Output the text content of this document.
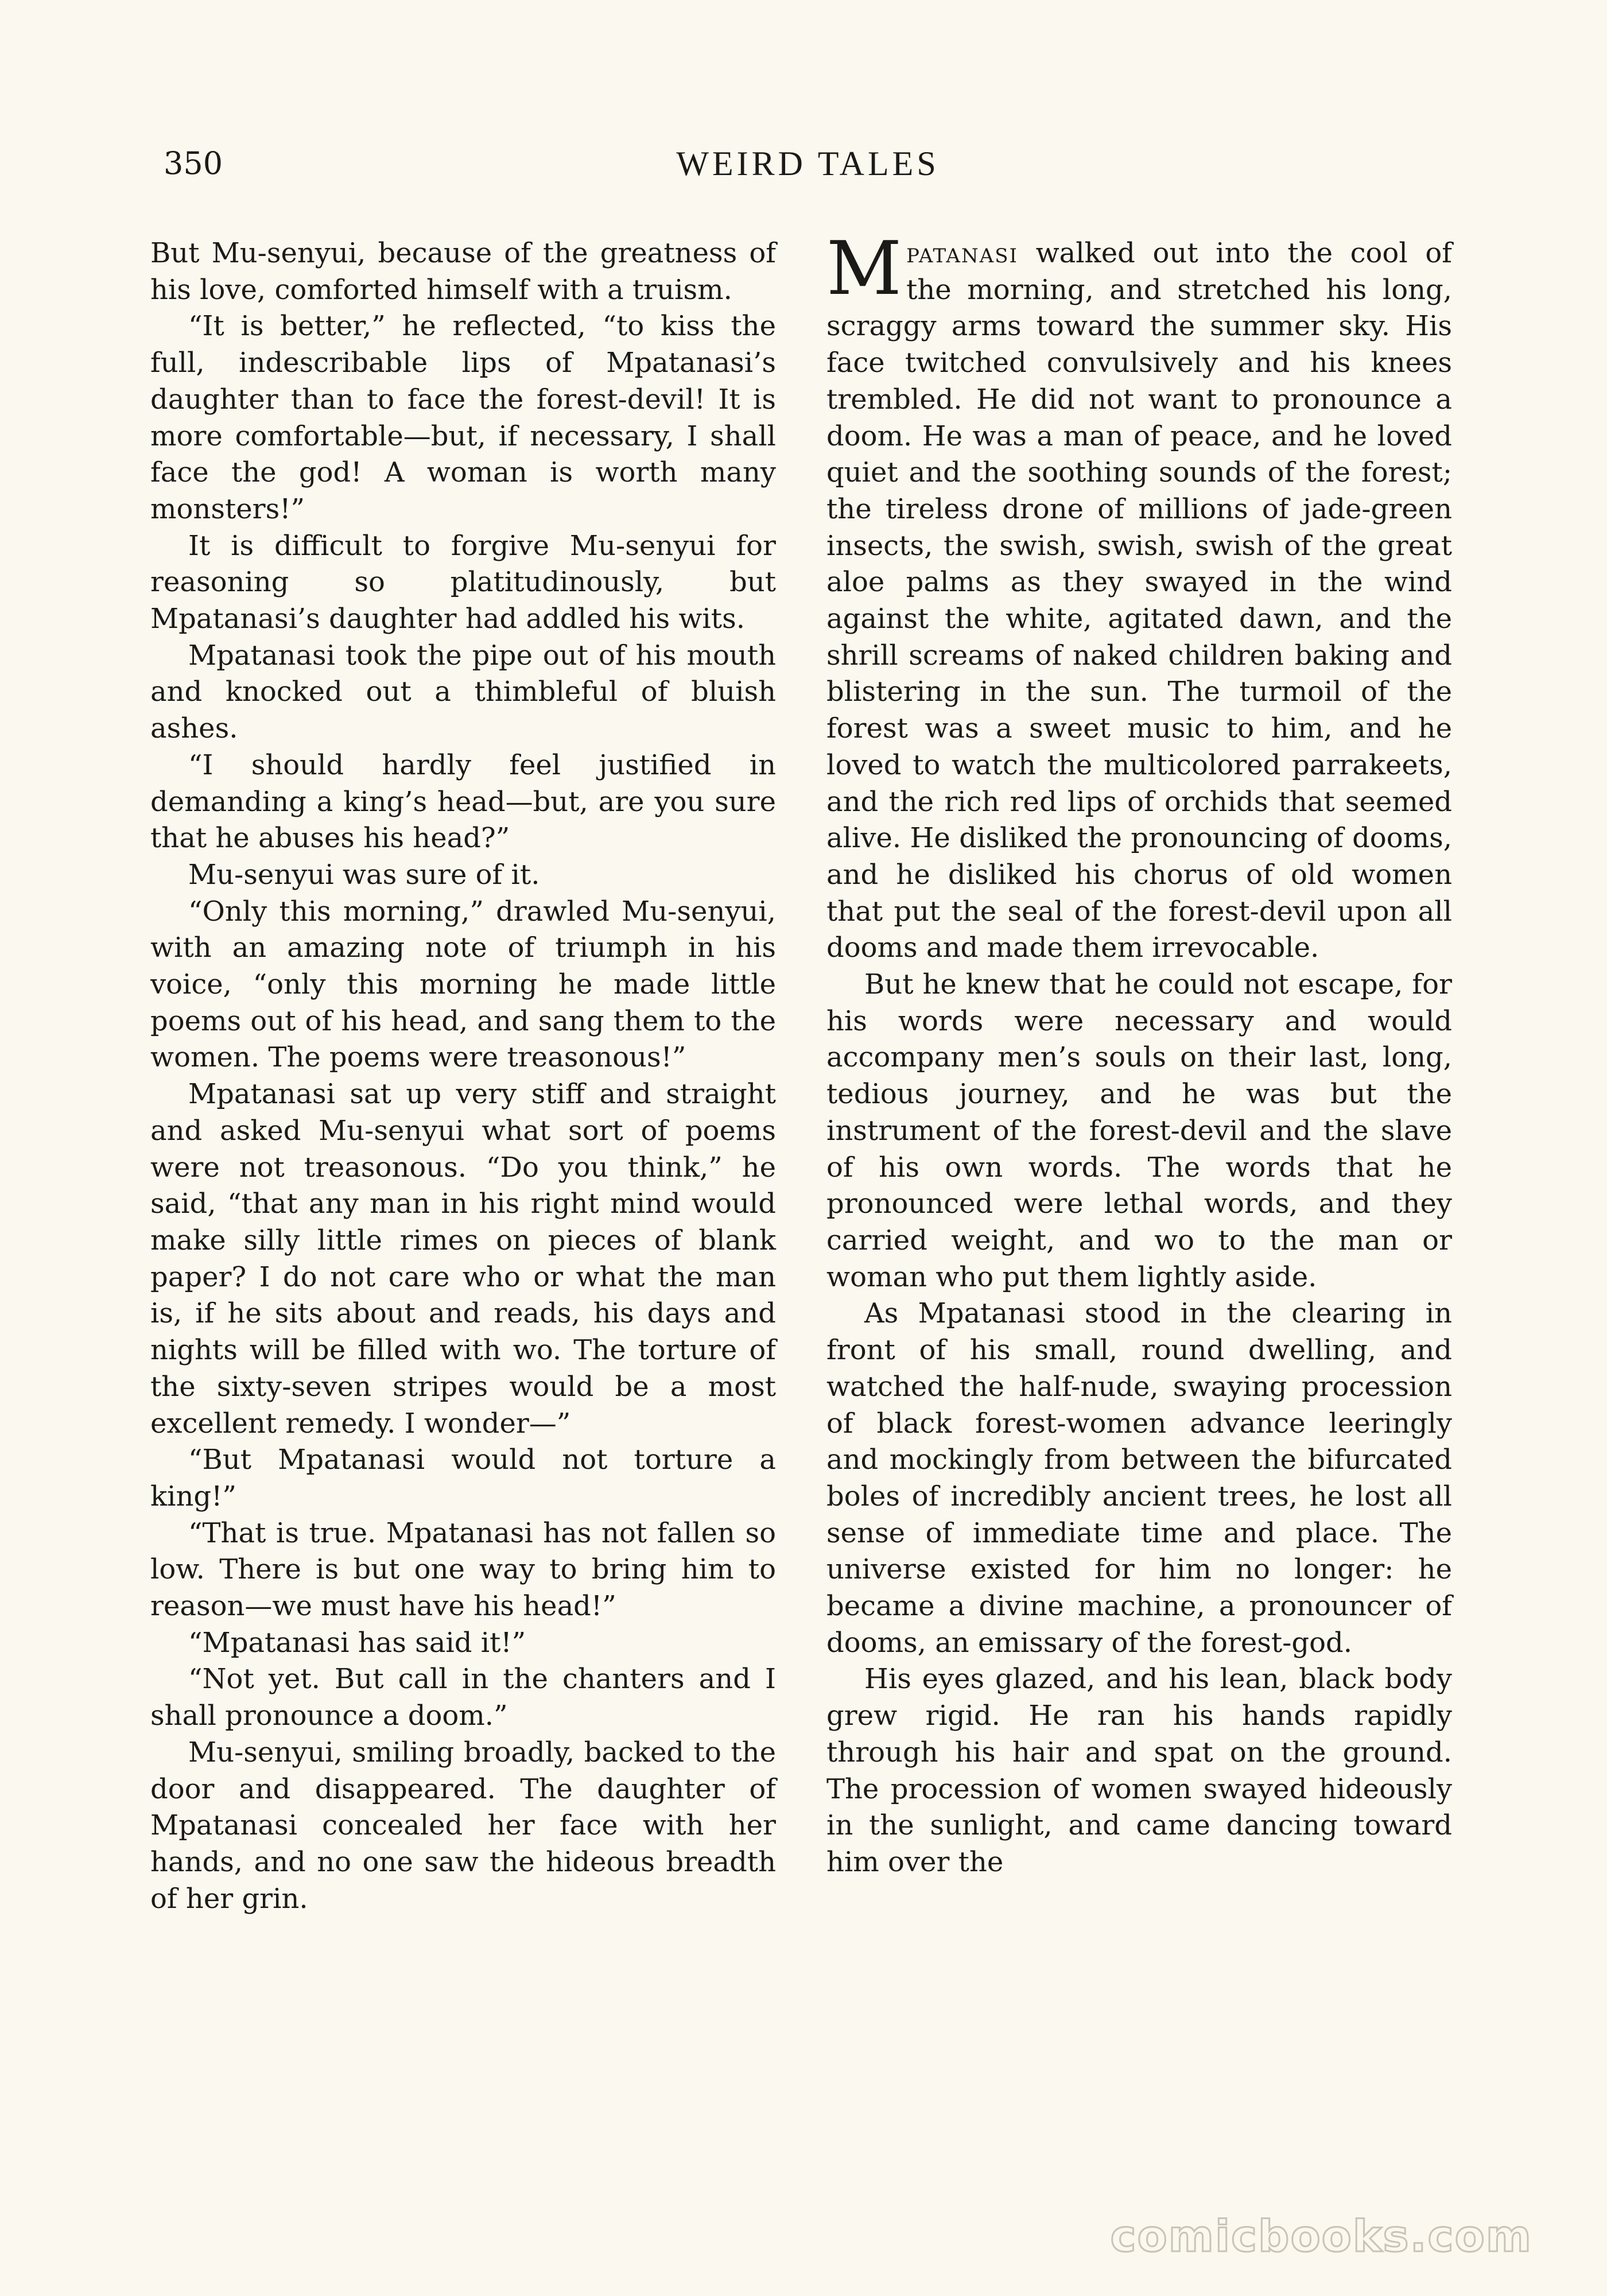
350	WEIRD TALES

But Mu-senyui, because of the greatness of his love, comforted himself with a truism.

“It is better,” he reflected, “to kiss the full, indescribable lips of Mpatanasi’s daughter than to face the forest-devil! It is more comfortable—but, if necessary, I shall face the god! A woman is worth many monsters!”

It is difficult to forgive Mu-senyui for reasoning so platitudinously, but Mpatanasi’s daughter had addled his wits.

Mpatanasi took the pipe out of his mouth and knocked out a thimbleful of bluish ashes.

“I should hardly feel justified in demanding a king’s head—but, are you sure that he abuses his head?”

Mu-senyui was sure of it.

“Only this morning,” drawled Mu-senyui, with an amazing note of triumph in his voice, “only this morning he made little poems out of his head, and sang them to the women. The poems were treasonous!”

Mpatanasi sat up very stiff and straight and asked Mu-senyui what sort of poems were not treasonous. “Do you think,” he said, “that any man in his right mind would make silly little rimes on pieces of blank paper? I do not care who or what the man is, if he sits about and reads, his days and nights will be filled with wo. The torture of the sixty-seven stripes would be a most excellent remedy. I wonder—”

“But Mpatanasi would not torture a king!”

“That is true. Mpatanasi has not fallen so low. There is but one way to bring him to reason—we must have his head!”

“Mpatanasi has said it!”

“Not yet. But call in the chanters and I shall pronounce a doom.”

Mu-senyui, smiling broadly, backed to the door and disappeared. The daughter of Mpatanasi concealed her face with her hands, and no one saw the hideous breadth of her grin.

Mpatanasi walked out into the cool of the morning, and stretched his long, scraggy arms toward the summer sky. His face twitched convulsively and his knees trembled. He did not want to pronounce a doom. He was a man of peace, and he loved quiet and the soothing sounds of the forest; the tireless drone of millions of jade-green insects, the swish, swish, swish of the great aloe palms as they swayed in the wind against the white, agitated dawn, and the shrill screams of naked children baking and blistering in the sun. The turmoil of the forest was a sweet music to him, and he loved to watch the multicolored parrakeets, and the rich red lips of orchids that seemed alive. He disliked the pronouncing of dooms, and he disliked his chorus of old women that put the seal of the forest-devil upon all dooms and made them irrevocable.

But he knew that he could not escape, for his words were necessary and would accompany men’s souls on their last, long, tedious journey, and he was but the instrument of the forest-devil and the slave of his own words. The words that he pronounced were lethal words, and they carried weight, and wo to the man or woman who put them lightly aside.

As Mpatanasi stood in the clearing in front of his small, round dwelling, and watched the half-nude, swaying procession of black forest-women advance leeringly and mockingly from between the bifurcated boles of incredibly ancient trees, he lost all sense of immediate time and place. The universe existed for him no longer: he became a divine machine, a pronouncer of dooms, an emissary of the forest-god.

His eyes glazed, and his lean, black body grew rigid. He ran his hands rapidly through his hair and spat on the ground. The procession of women swayed hideously in the sunlight, and came dancing toward him over the

comicbooks.com
